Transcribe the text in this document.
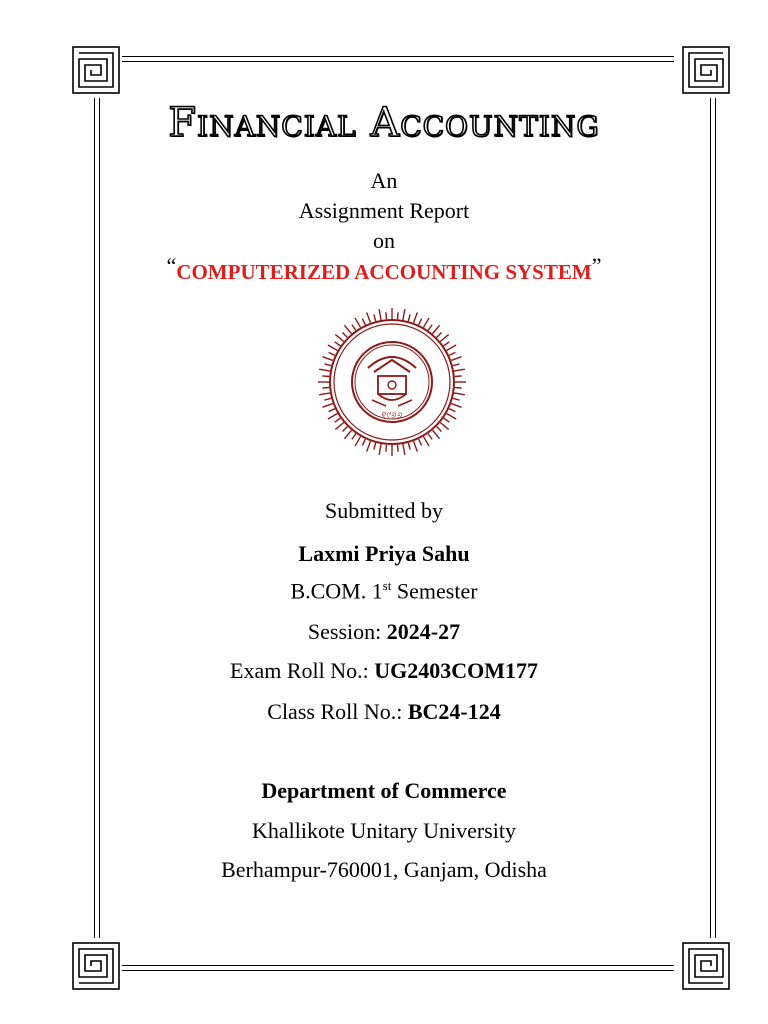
Financial Accounting
An
Assignment Report
on
“COMPUTERIZED ACCOUNTING SYSTEM”
୧୯୬୬
Submitted by
Laxmi Priya Sahu
B.COM. 1st Semester
Session: 2024-27
Exam Roll No.: UG2403COM177
Class Roll No.: BC24-124
Department of Commerce
Khallikote Unitary University
Berhampur-760001, Ganjam, Odisha
